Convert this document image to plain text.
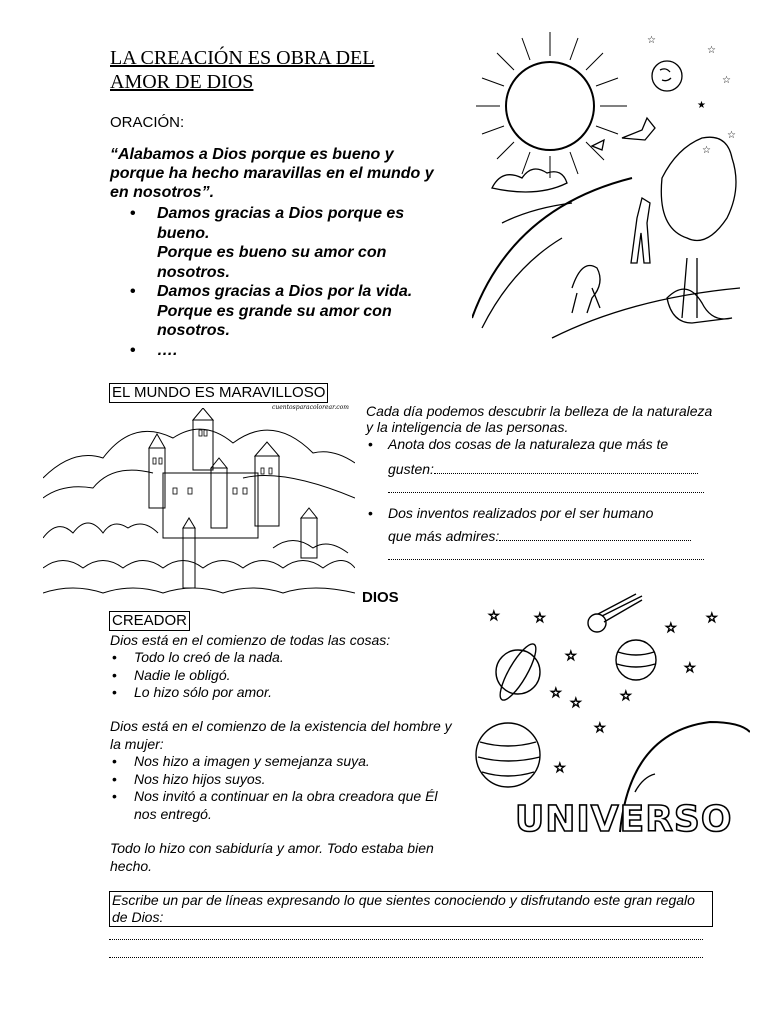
LA CREACIÓN ES OBRA DEL
AMOR DE DIOS
ORACIÓN:
“Alabamos a Dios porque es bueno y porque ha hecho maravillas en el mundo y en nosotros”.
• Damos gracias a Dios porque es bueno.
Porque es bueno su amor con nosotros.
• Damos gracias a Dios por la vida.
Porque es grande su amor con nosotros.
• ….
☆
☆
☆
★
☆
☆
EL MUNDO ES MARAVILLOSO
cuentosparacolorear.com Cada día podemos descubrir la belleza de la naturaleza y la inteligencia de las personas.
• Anota dos cosas de la naturaleza que más te
gusten:
• Dos inventos realizados por el ser humano
que más admires:
DIOS
CREADOR
Dios está en el comienzo de todas las cosas:
• Todo lo creó de la nada.
• Nadie le obligó.
• Lo hizo sólo por amor.
Dios está en el comienzo de la existencia del hombre y la mujer:
• Nos hizo a imagen y semejanza suya.
• Nos hizo hijos suyos.
• Nos invitó a continuar en la obra creadora que Él nos entregó.
Todo lo hizo con sabiduría y amor. Todo estaba bien hecho.
☆	☆
☆
☆
☆
☆
☆
☆	☆
☆
☆
UNIVERSO
Escribe un par de líneas expresando lo que sientes conociendo y disfrutando este gran regalo de Dios:
